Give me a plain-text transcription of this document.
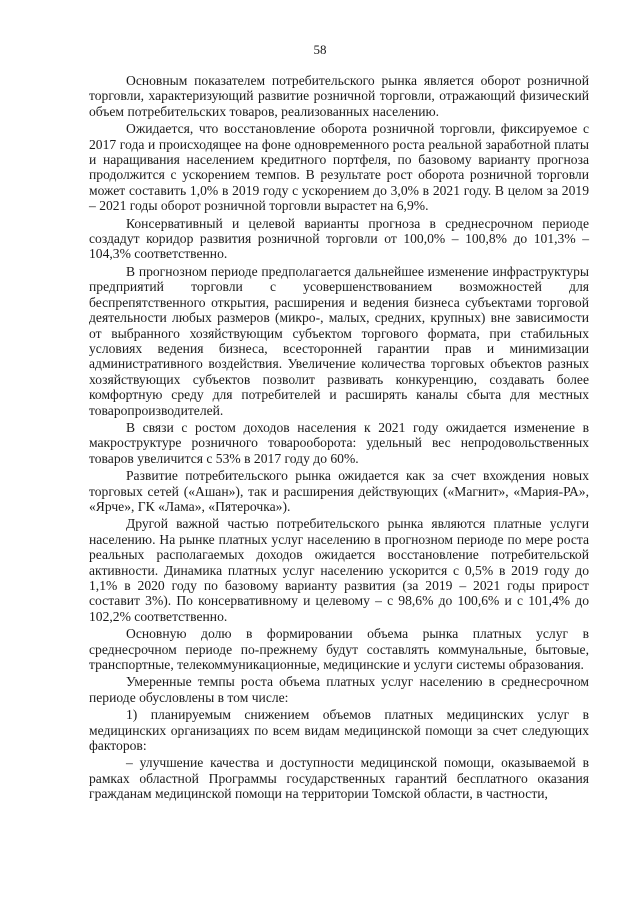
58

Основным показателем потребительского рынка является оборот розничной торговли, характеризующий развитие розничной торговли, отражающий физический объем потребительских товаров, реализованных населению.

Ожидается, что восстановление оборота розничной торговли, фиксируемое с 2017 года и происходящее на фоне одновременного роста реальной заработной платы и наращивания населением кредитного портфеля, по базовому варианту прогноза продолжится с ускорением темпов. В результате рост оборота розничной торговли может составить 1,0% в 2019 году с ускорением до 3,0% в 2021 году. В целом за 2019 – 2021 годы оборот розничной торговли вырастет на 6,9%.

Консервативный и целевой варианты прогноза в среднесрочном периоде создадут коридор развития розничной торговли от 100,0% – 100,8% до 101,3% – 104,3% соответственно.

В прогнозном периоде предполагается дальнейшее изменение инфраструктуры предприятий торговли с усовершенствованием возможностей для беспрепятственного открытия, расширения и ведения бизнеса субъектами торговой деятельности любых размеров (микро-, малых, средних, крупных) вне зависимости от выбранного хозяйствующим субъектом торгового формата, при стабильных условиях ведения бизнеса, всесторонней гарантии прав и минимизации административного воздействия. Увеличение количества торговых объектов разных хозяйствующих субъектов позволит развивать конкуренцию, создавать более комфортную среду для потребителей и расширять каналы сбыта для местных товаропроизводителей.

В связи с ростом доходов населения к 2021 году ожидается изменение в макроструктуре розничного товарооборота: удельный вес непродовольственных товаров увеличится с 53% в 2017 году до 60%.

Развитие потребительского рынка ожидается как за счет вхождения новых торговых сетей («Ашан»), так и расширения действующих («Магнит», «Мария-РА», «Ярче», ГК «Лама», «Пятерочка»).

Другой важной частью потребительского рынка являются платные услуги населению. На рынке платных услуг населению в прогнозном периоде по мере роста реальных располагаемых доходов ожидается восстановление потребительской активности. Динамика платных услуг населению ускорится с 0,5% в 2019 году до 1,1% в 2020 году по базовому варианту развития (за 2019 – 2021 годы прирост составит 3%). По консервативному и целевому – с 98,6% до 100,6% и с 101,4% до 102,2% соответственно.

Основную долю в формировании объема рынка платных услуг в среднесрочном периоде по-прежнему будут составлять коммунальные, бытовые, транспортные, телекоммуникационные, медицинские и услуги системы образования.

Умеренные темпы роста объема платных услуг населению в среднесрочном периоде обусловлены в том числе:

1) планируемым снижением объемов платных медицинских услуг в медицинских организациях по всем видам медицинской помощи за счет следующих факторов:

– улучшение качества и доступности медицинской помощи, оказываемой в рамках областной Программы государственных гарантий бесплатного оказания гражданам медицинской помощи на территории Томской области, в частности,
